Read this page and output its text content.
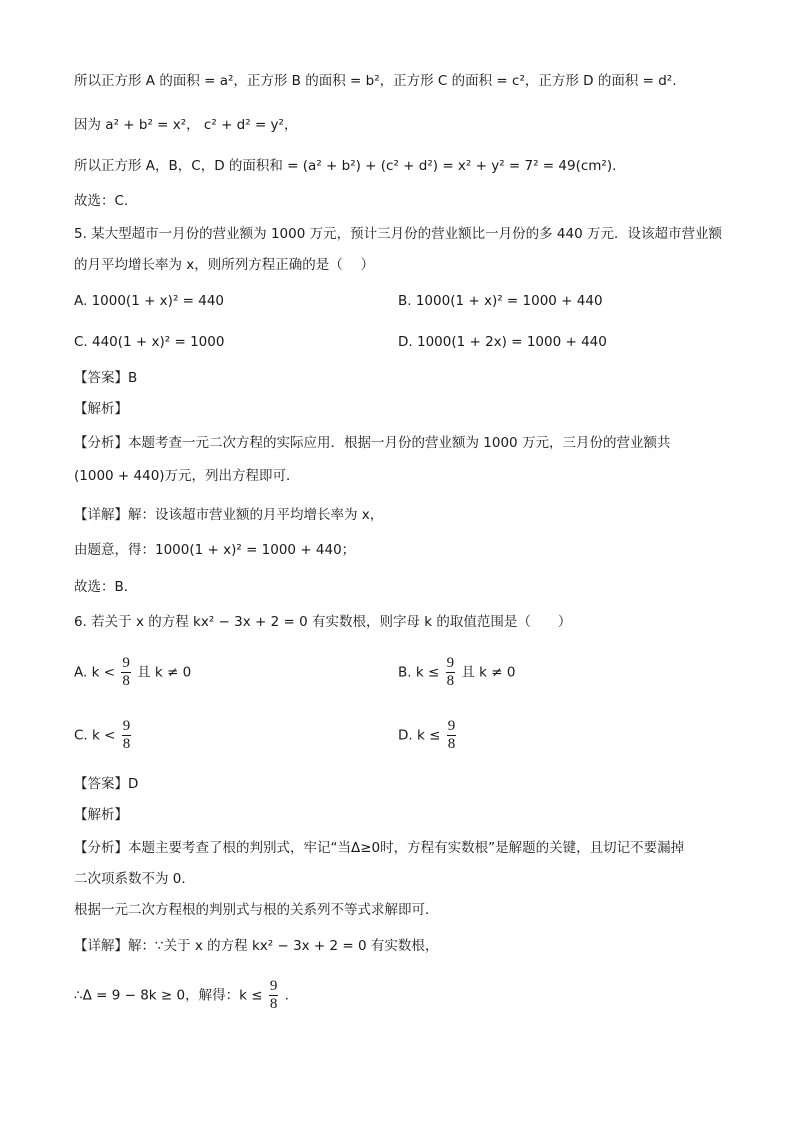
所以正方形 A 的面积 = a²，正方形 B 的面积 = b²，正方形 C 的面积 = c²，正方形 D 的面积 = d².
因为 a² + b² = x²， c² + d² = y²，
所以正方形 A，B，C，D 的面积和 = (a² + b²) + (c² + d²) = x² + y² = 7² = 49(cm²).
故选：C.
5. 某大型超市一月份的营业额为 1000 万元，预计三月份的营业额比一月份的多 440 万元．设该超市营业额
的月平均增长率为 x，则所列方程正确的是（　 ）
A. 1000(1 + x)² = 440	B. 1000(1 + x)² = 1000 + 440
C. 440(1 + x)² = 1000	D. 1000(1 + 2x) = 1000 + 440
【答案】B
【解析】
【分析】本题考查一元二次方程的实际应用．根据一月份的营业额为 1000 万元，三月份的营业额共
(1000 + 440)万元，列出方程即可．
【详解】解：设该超市营业额的月平均增长率为 x，
由题意，得：1000(1 + x)² = 1000 + 440；
故选：B．
6. 若关于 x 的方程 kx² − 3x + 2 = 0 有实数根，则字母 k 的取值范围是（　　）
A. $k < \frac{9}{8}$ 且 k ≠ 0	B. $k \le \frac{9}{8}$ 且 k ≠ 0
C. $k < \frac{9}{8}$	D. $k \le \frac{9}{8}$
【答案】D
【解析】
【分析】本题主要考查了根的判别式，牢记“当Δ≥0时，方程有实数根”是解题的关键，且切记不要漏掉
二次项系数不为 0．
根据一元二次方程根的判别式与根的关系列不等式求解即可．
【详解】解：∵关于 x 的方程 kx² − 3x + 2 = 0 有实数根，
∴Δ = 9 − 8k ≥ 0，解得：$k \le \frac{9}{8}$ .
